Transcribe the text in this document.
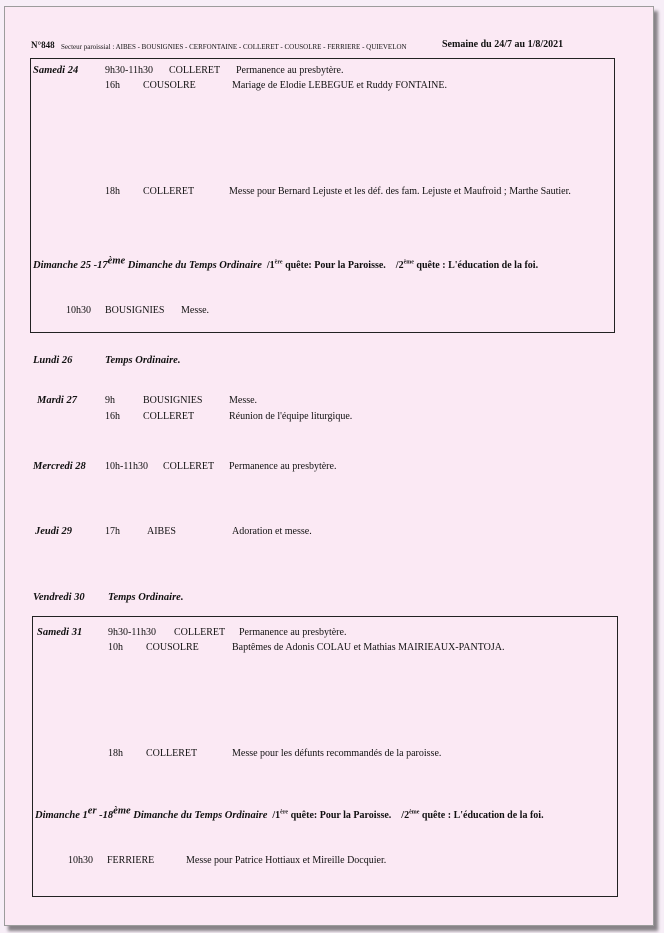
N°848 Secteur paroissial : AIBES - BOUSIGNIES - CERFONTAINE - COLLERET - COUSOLRE - FERRIERE - QUIEVELON	Semaine du 24/7 au 1/8/2021
Samedi 24	9h30-11h30 COLLERET Permanence au presbytère.
16h COUSOLRE	Mariage de Elodie LEBEGUE et Ruddy FONTAINE.
18h COLLERET	Messe pour Bernard Lejuste et les déf. des fam. Lejuste et Maufroid ; Marthe Sautier.
Dimanche 25 -17ème Dimanche du Temps Ordinaire /1ère quête: Pour la Paroisse. /2ème quête : L'éducation de la foi.
10h30 BOUSIGNIES Messe.
Lundi 26	Temps Ordinaire.
Mardi 27	9h	BOUSIGNIES	Messe.
16h COLLERET	Réunion de l'équipe liturgique.
Mercredi 28 10h-11h30 COLLERET Permanence au presbytère.
Jeudi 29	17h	AIBES	Adoration et messe.
Vendredi 30 Temps Ordinaire.
Samedi 31	9h30-11h30 COLLERET Permanence au presbytère.
10h COUSOLRE	Baptêmes de Adonis COLAU et Mathias MAIRIEAUX-PANTOJA.
18h COLLERET	Messe pour les défunts recommandés de la paroisse.
Dimanche 1er -18ème Dimanche du Temps Ordinaire /1ère quête: Pour la Paroisse. /2ème quête : L'éducation de la foi.
10h30 FERRIERE	Messe pour Patrice Hottiaux et Mireille Docquier.
